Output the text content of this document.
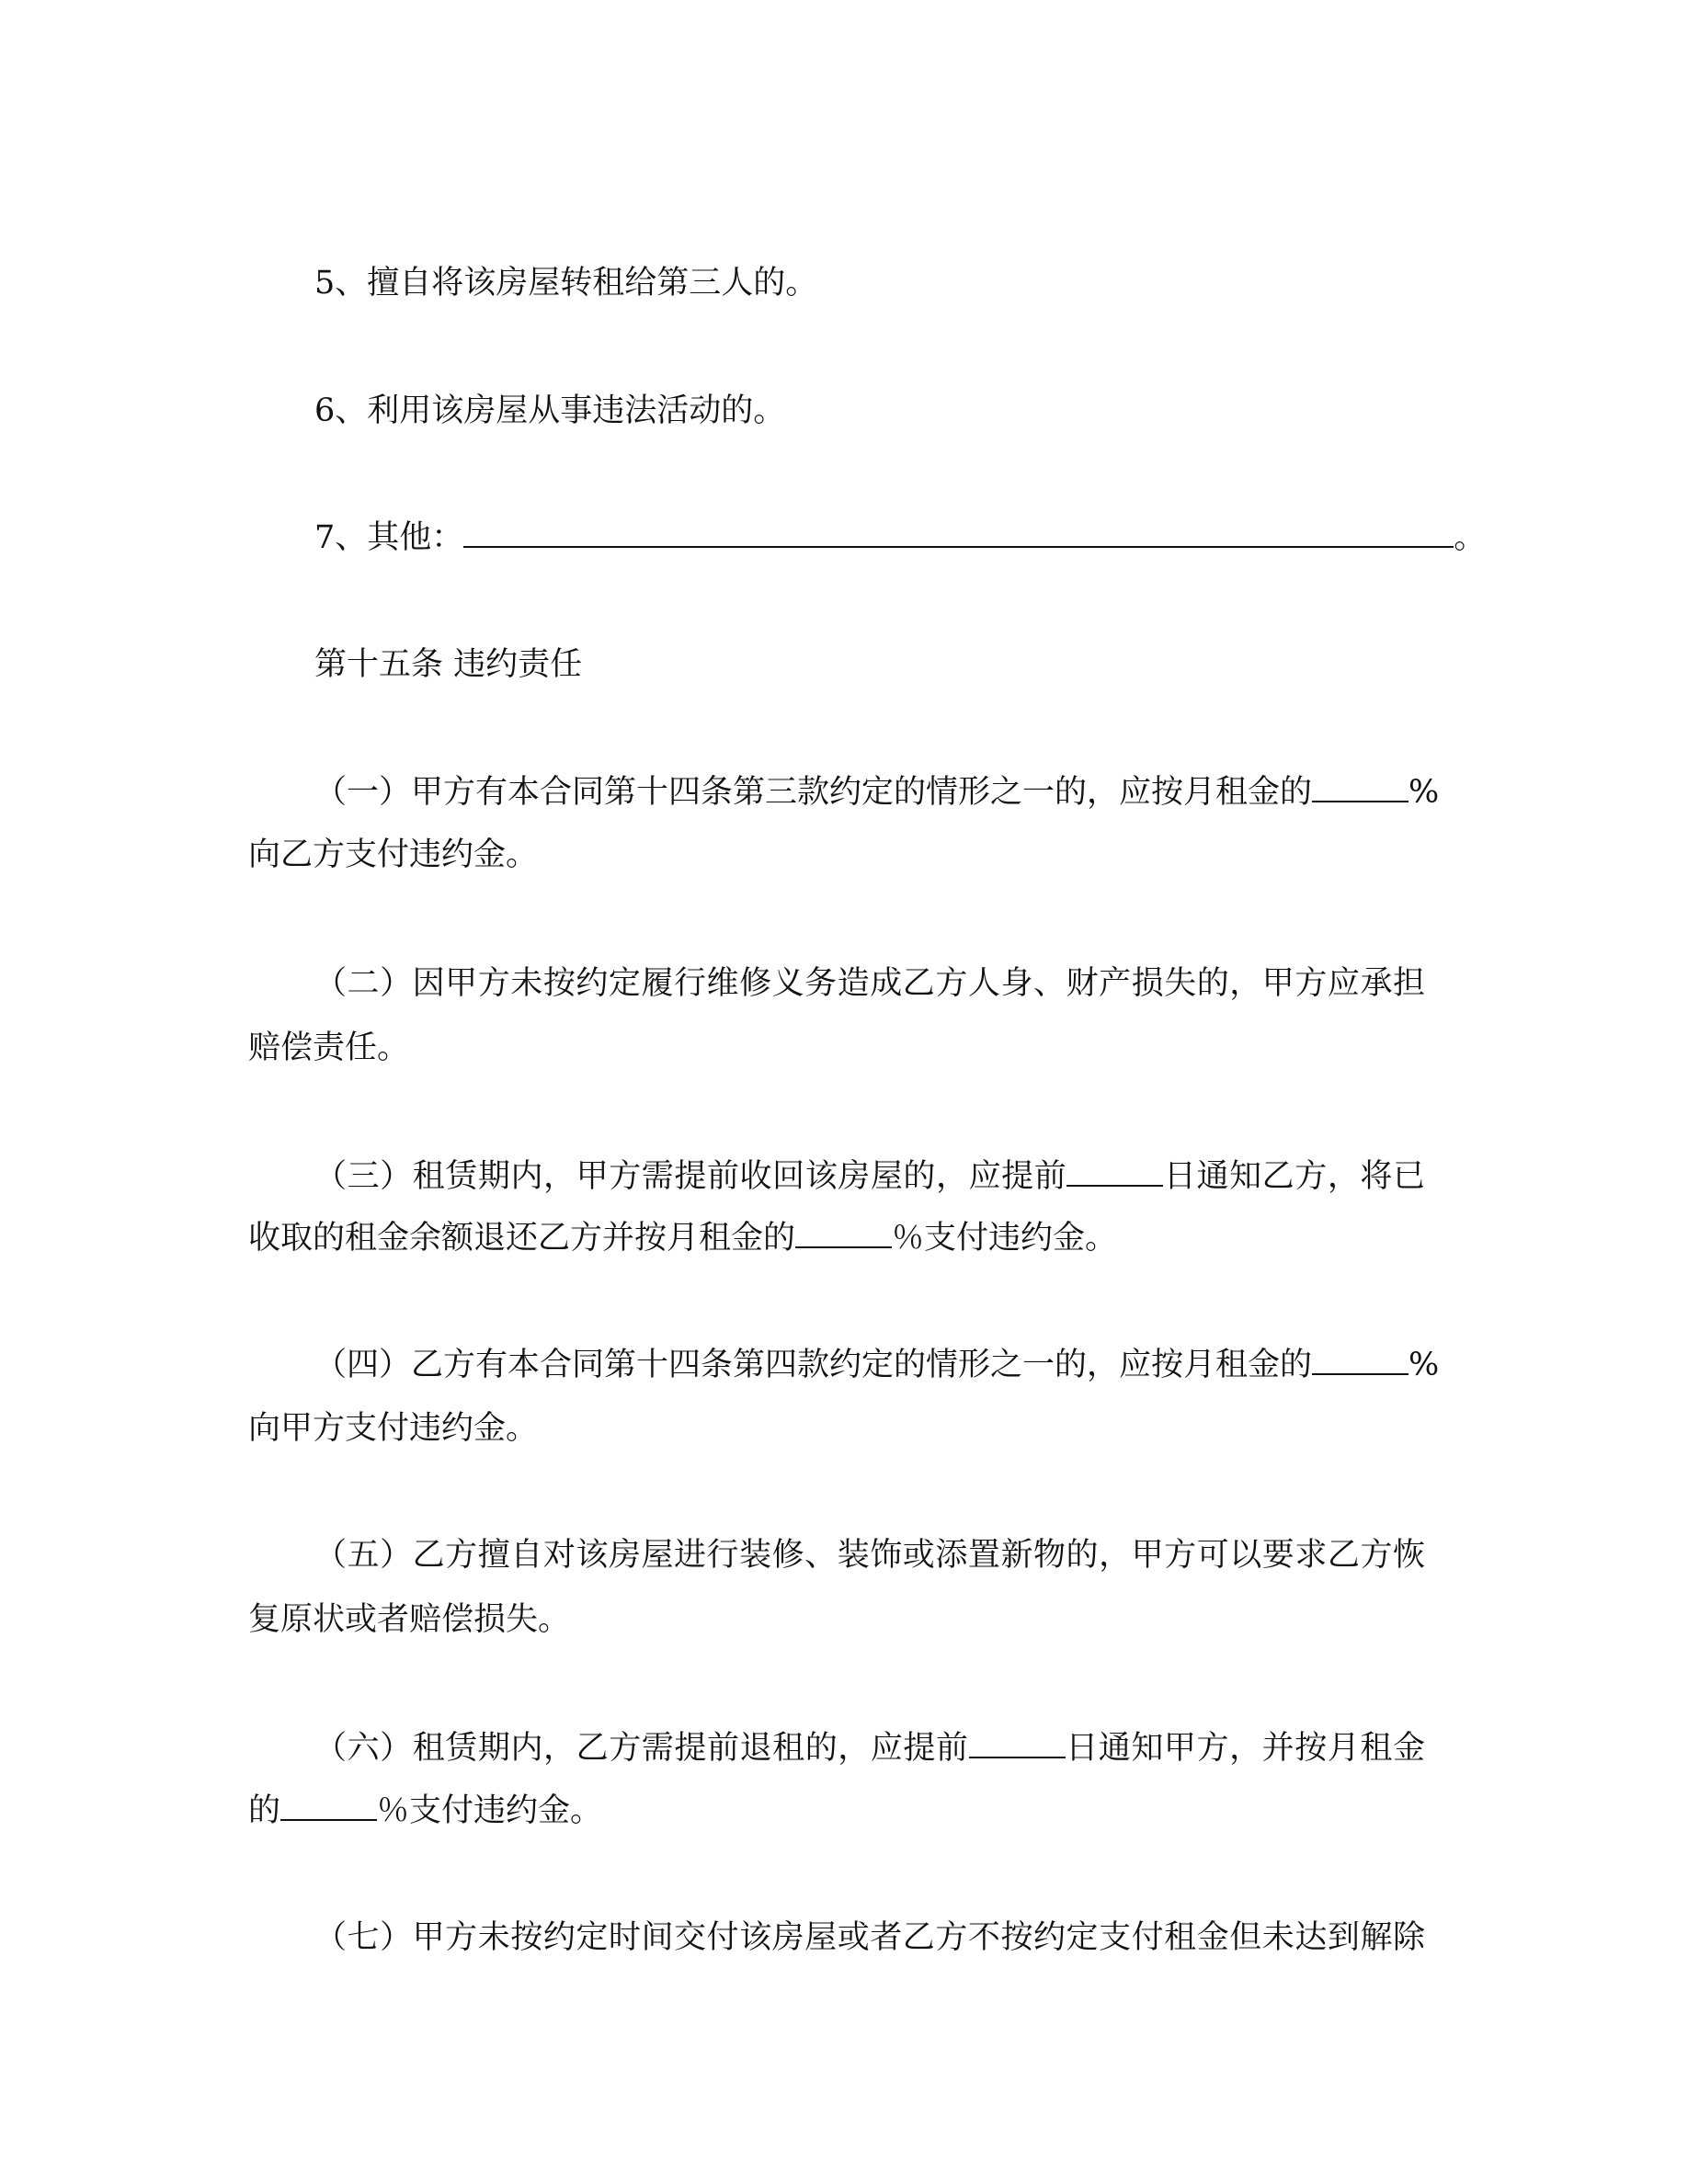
5、擅自将该房屋转租给第三人的。
6、利用该房屋从事违法活动的。
7、其他：	。
第十五条 违约责任
（一）甲方有本合同第十四条第三款约定的情形之一的，应按月租金的	%
向乙方支付违约金。
（二）因甲方未按约定履行维修义务造成乙方人身、财产损失的，甲方应承担
赔偿责任。
（三）租赁期内，甲方需提前收回该房屋的，应提前	日通知乙方，将已
收取的租金余额退还乙方并按月租金的	％支付违约金。
（四）乙方有本合同第十四条第四款约定的情形之一的，应按月租金的	%
向甲方支付违约金。
（五）乙方擅自对该房屋进行装修、装饰或添置新物的，甲方可以要求乙方恢
复原状或者赔偿损失。
（六）租赁期内，乙方需提前退租的，应提前	日通知甲方，并按月租金
的	％支付违约金。
（七）甲方未按约定时间交付该房屋或者乙方不按约定支付租金但未达到解除
